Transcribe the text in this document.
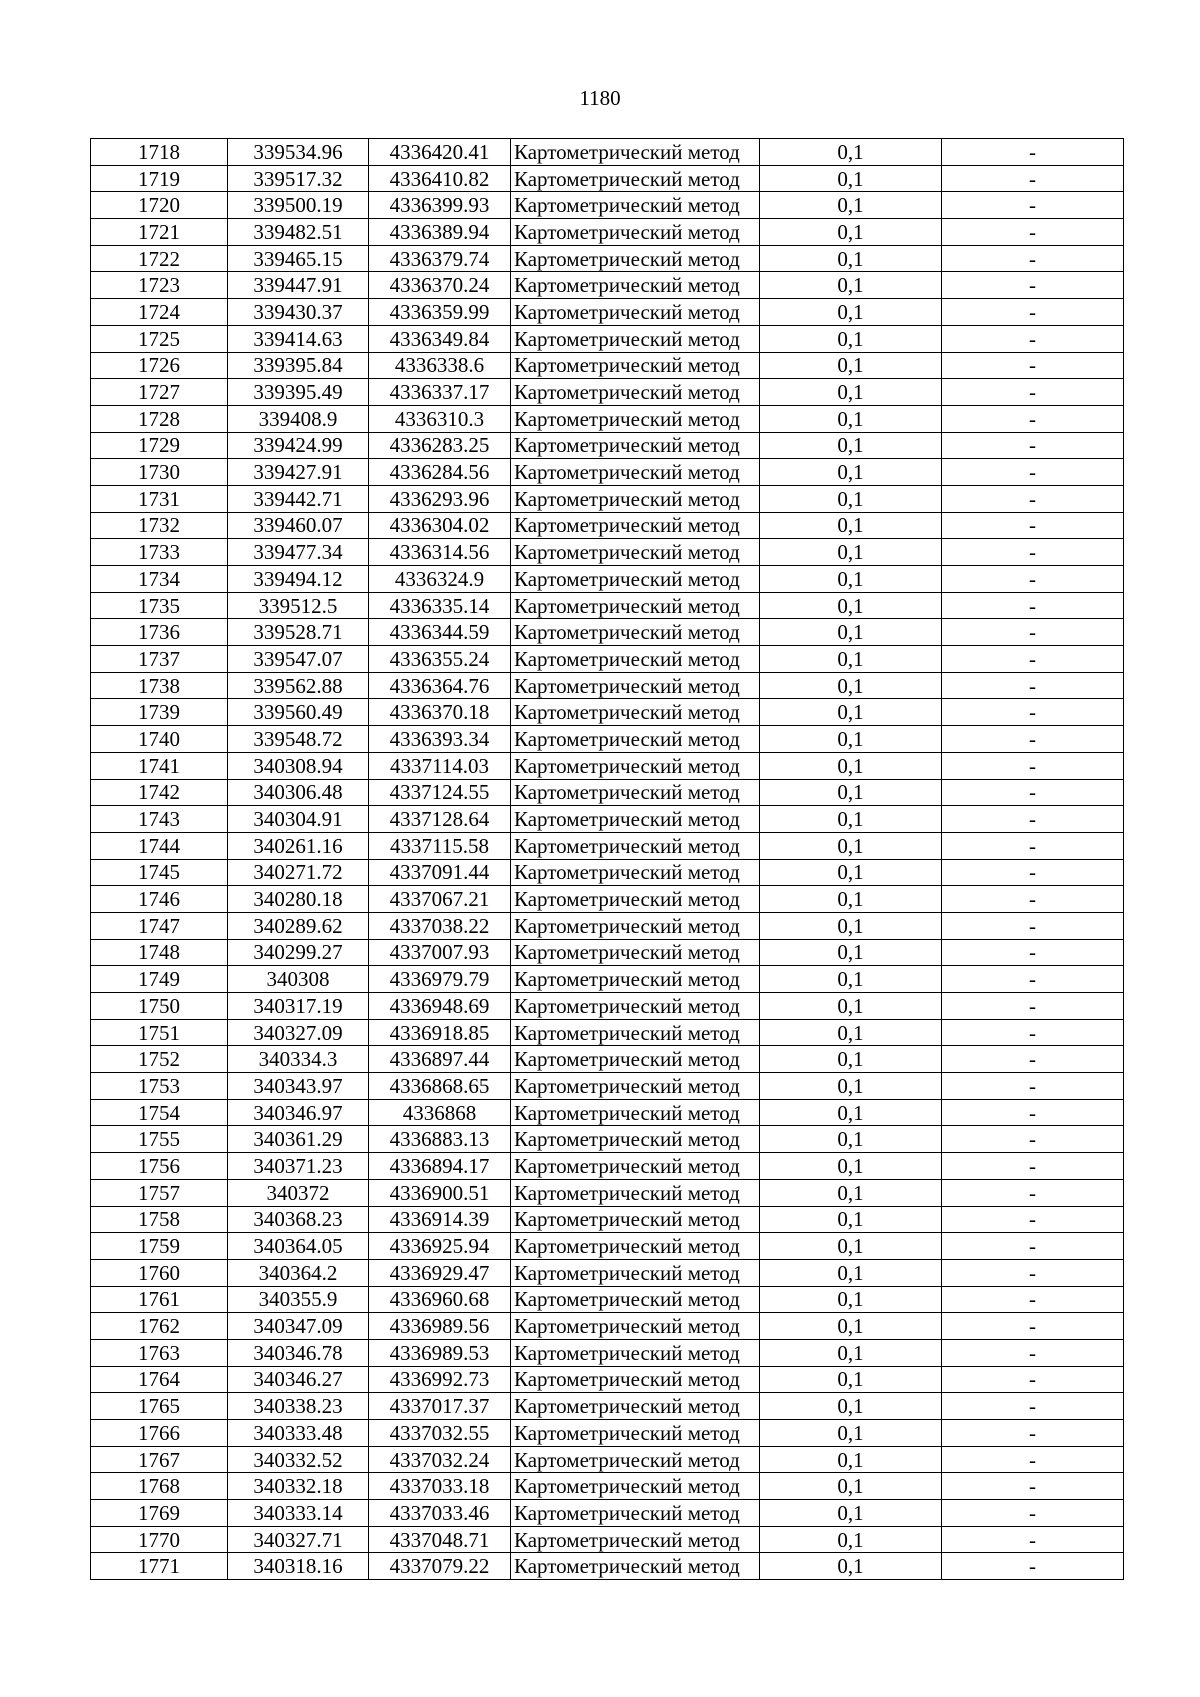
1180
1718	339534.96	4336420.41	Картометрический метод	0,1	-
1719	339517.32	4336410.82	Картометрический метод	0,1	-
1720	339500.19	4336399.93	Картометрический метод	0,1	-
1721	339482.51	4336389.94	Картометрический метод	0,1	-
1722	339465.15	4336379.74	Картометрический метод	0,1	-
1723	339447.91	4336370.24	Картометрический метод	0,1	-
1724	339430.37	4336359.99	Картометрический метод	0,1	-
1725	339414.63	4336349.84	Картометрический метод	0,1	-
1726	339395.84	4336338.6	Картометрический метод	0,1	-
1727	339395.49	4336337.17	Картометрический метод	0,1	-
1728	339408.9	4336310.3	Картометрический метод	0,1	-
1729	339424.99	4336283.25	Картометрический метод	0,1	-
1730	339427.91	4336284.56	Картометрический метод	0,1	-
1731	339442.71	4336293.96	Картометрический метод	0,1	-
1732	339460.07	4336304.02	Картометрический метод	0,1	-
1733	339477.34	4336314.56	Картометрический метод	0,1	-
1734	339494.12	4336324.9	Картометрический метод	0,1	-
1735	339512.5	4336335.14	Картометрический метод	0,1	-
1736	339528.71	4336344.59	Картометрический метод	0,1	-
1737	339547.07	4336355.24	Картометрический метод	0,1	-
1738	339562.88	4336364.76	Картометрический метод	0,1	-
1739	339560.49	4336370.18	Картометрический метод	0,1	-
1740	339548.72	4336393.34	Картометрический метод	0,1	-
1741	340308.94	4337114.03	Картометрический метод	0,1	-
1742	340306.48	4337124.55	Картометрический метод	0,1	-
1743	340304.91	4337128.64	Картометрический метод	0,1	-
1744	340261.16	4337115.58	Картометрический метод	0,1	-
1745	340271.72	4337091.44	Картометрический метод	0,1	-
1746	340280.18	4337067.21	Картометрический метод	0,1	-
1747	340289.62	4337038.22	Картометрический метод	0,1	-
1748	340299.27	4337007.93	Картометрический метод	0,1	-
1749	340308	4336979.79	Картометрический метод	0,1	-
1750	340317.19	4336948.69	Картометрический метод	0,1	-
1751	340327.09	4336918.85	Картометрический метод	0,1	-
1752	340334.3	4336897.44	Картометрический метод	0,1	-
1753	340343.97	4336868.65	Картометрический метод	0,1	-
1754	340346.97	4336868	Картометрический метод	0,1	-
1755	340361.29	4336883.13	Картометрический метод	0,1	-
1756	340371.23	4336894.17	Картометрический метод	0,1	-
1757	340372	4336900.51	Картометрический метод	0,1	-
1758	340368.23	4336914.39	Картометрический метод	0,1	-
1759	340364.05	4336925.94	Картометрический метод	0,1	-
1760	340364.2	4336929.47	Картометрический метод	0,1	-
1761	340355.9	4336960.68	Картометрический метод	0,1	-
1762	340347.09	4336989.56	Картометрический метод	0,1	-
1763	340346.78	4336989.53	Картометрический метод	0,1	-
1764	340346.27	4336992.73	Картометрический метод	0,1	-
1765	340338.23	4337017.37	Картометрический метод	0,1	-
1766	340333.48	4337032.55	Картометрический метод	0,1	-
1767	340332.52	4337032.24	Картометрический метод	0,1	-
1768	340332.18	4337033.18	Картометрический метод	0,1	-
1769	340333.14	4337033.46	Картометрический метод	0,1	-
1770	340327.71	4337048.71	Картометрический метод	0,1	-
1771	340318.16	4337079.22	Картометрический метод	0,1	-
